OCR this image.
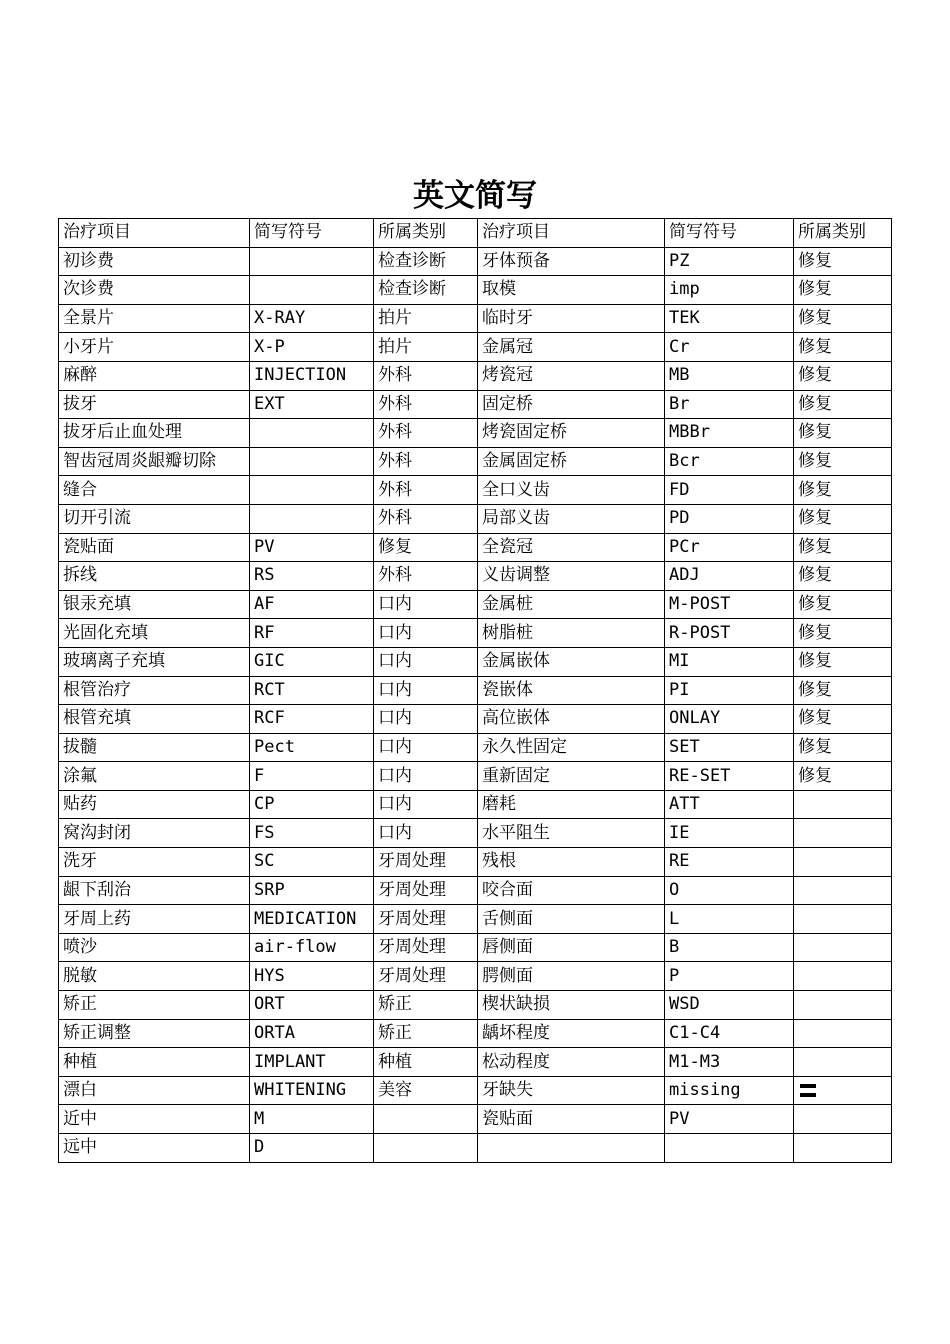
英文简写
治疗项目	简写符号	所属类别	治疗项目	简写符号	所属类别
初诊费		检查诊断	牙体预备	PZ	修复
次诊费		检查诊断	取模	imp	修复
全景片	X-RAY	拍片	临时牙	TEK	修复
小牙片	X-P	拍片	金属冠	Cr	修复
麻醉	INJECTION	外科	烤瓷冠	MB	修复
拔牙	EXT	外科	固定桥	Br	修复
拔牙后止血处理		外科	烤瓷固定桥	MBBr	修复
智齿冠周炎龈瓣切除		外科	金属固定桥	Bcr	修复
缝合		外科	全口义齿	FD	修复
切开引流		外科	局部义齿	PD	修复
瓷贴面	PV	修复	全瓷冠	PCr	修复
拆线	RS	外科	义齿调整	ADJ	修复
银汞充填	AF	口内	金属桩	M-POST	修复
光固化充填	RF	口内	树脂桩	R-POST	修复
玻璃离子充填	GIC	口内	金属嵌体	MI	修复
根管治疗	RCT	口内	瓷嵌体	PI	修复
根管充填	RCF	口内	高位嵌体	ONLAY	修复
拔髓	Pect	口内	永久性固定	SET	修复
涂氟	F	口内	重新固定	RE-SET	修复
贴药	CP	口内	磨耗	ATT	
窝沟封闭	FS	口内	水平阻生	IE	
洗牙	SC	牙周处理	残根	RE	
龈下刮治	SRP	牙周处理	咬合面	O	
牙周上药	MEDICATION	牙周处理	舌侧面	L	
喷沙	air-flow	牙周处理	唇侧面	B	
脱敏	HYS	牙周处理	腭侧面	P	
矫正	ORT	矫正	楔状缺损	WSD	
矫正调整	ORTA	矫正	龋坏程度	C1-C4	
种植	IMPLANT	种植	松动程度	M1-M3	
漂白	WHITENING	美容	牙缺失	missing	
近中	M		瓷贴面	PV	
远中	D				
